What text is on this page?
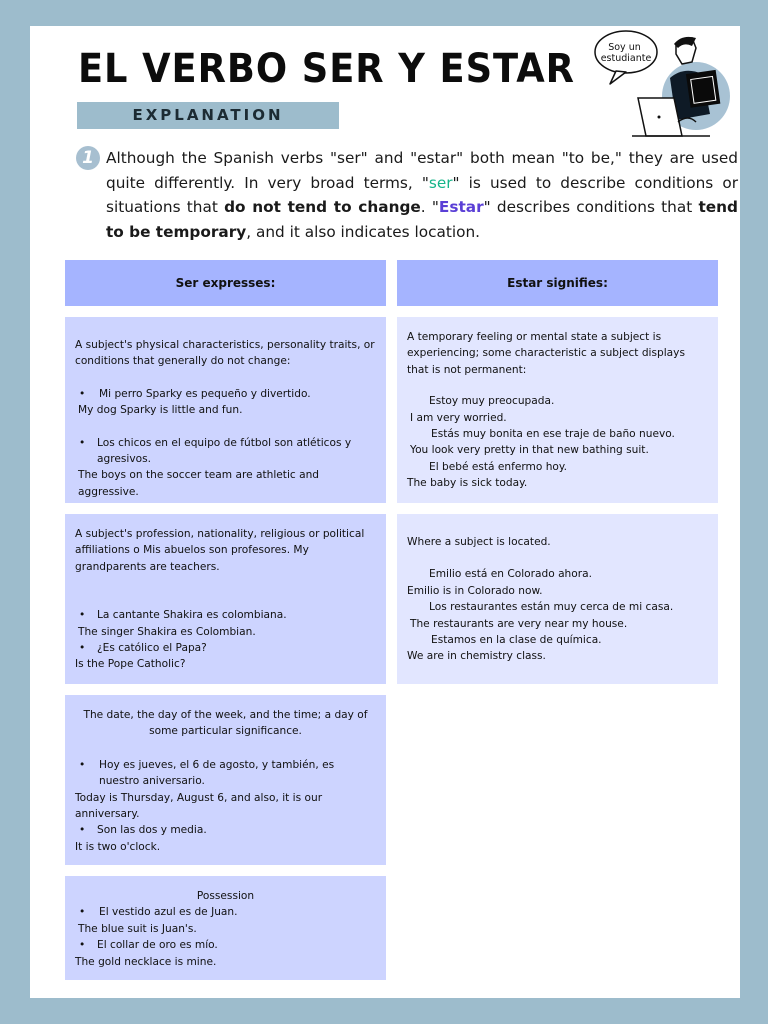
EL VERBO SER Y ESTAR
EXPLANATION
Soy un estudiante
1 Although the Spanish verbs "ser" and "estar" both mean "to be," they are used quite differently. In very broad terms, "ser" is used to describe conditions or situations that do not tend to change. "Estar" describes conditions that tend to be temporary, and it also indicates location.

Ser expresses:	Estar signifies:

A subject's physical characteristics, personality traits, or conditions that generally do not change:

• Mi perro Sparky es pequeño y divertido.

My dog Sparky is little and fun.

• Los chicos en el equipo de fútbol son atléticos y agresivos.

The boys on the soccer team are athletic and aggressive.

A temporary feeling or mental state a subject is experiencing; some characteristic a subject displays that is not permanent:

Estoy muy preocupada.

I am very worried.

Estás muy bonita en ese traje de baño nuevo.

You look very pretty in that new bathing suit.

El bebé está enfermo hoy.

The baby is sick today.

A subject's profession, nationality, religious or political affiliations o Mis abuelos son profesores. My grandparents are teachers.

• La cantante Shakira es colombiana.

The singer Shakira es Colombian.

• ¿Es católico el Papa?

Is the Pope Catholic?

Where a subject is located.

Emilio está en Colorado ahora.

Emilio is in Colorado now.

Los restaurantes están muy cerca de mi casa.

The restaurants are very near my house.

Estamos en la clase de química.

We are in chemistry class.

The date, the day of the week, and the time; a day of some particular significance.

• Hoy es jueves, el 6 de agosto, y también, es nuestro aniversario.

Today is Thursday, August 6, and also, it is our anniversary.

• Son las dos y media.

It is two o'clock.

Possession

• El vestido azul es de Juan.

The blue suit is Juan's.

• El collar de oro es mío.

The gold necklace is mine.
